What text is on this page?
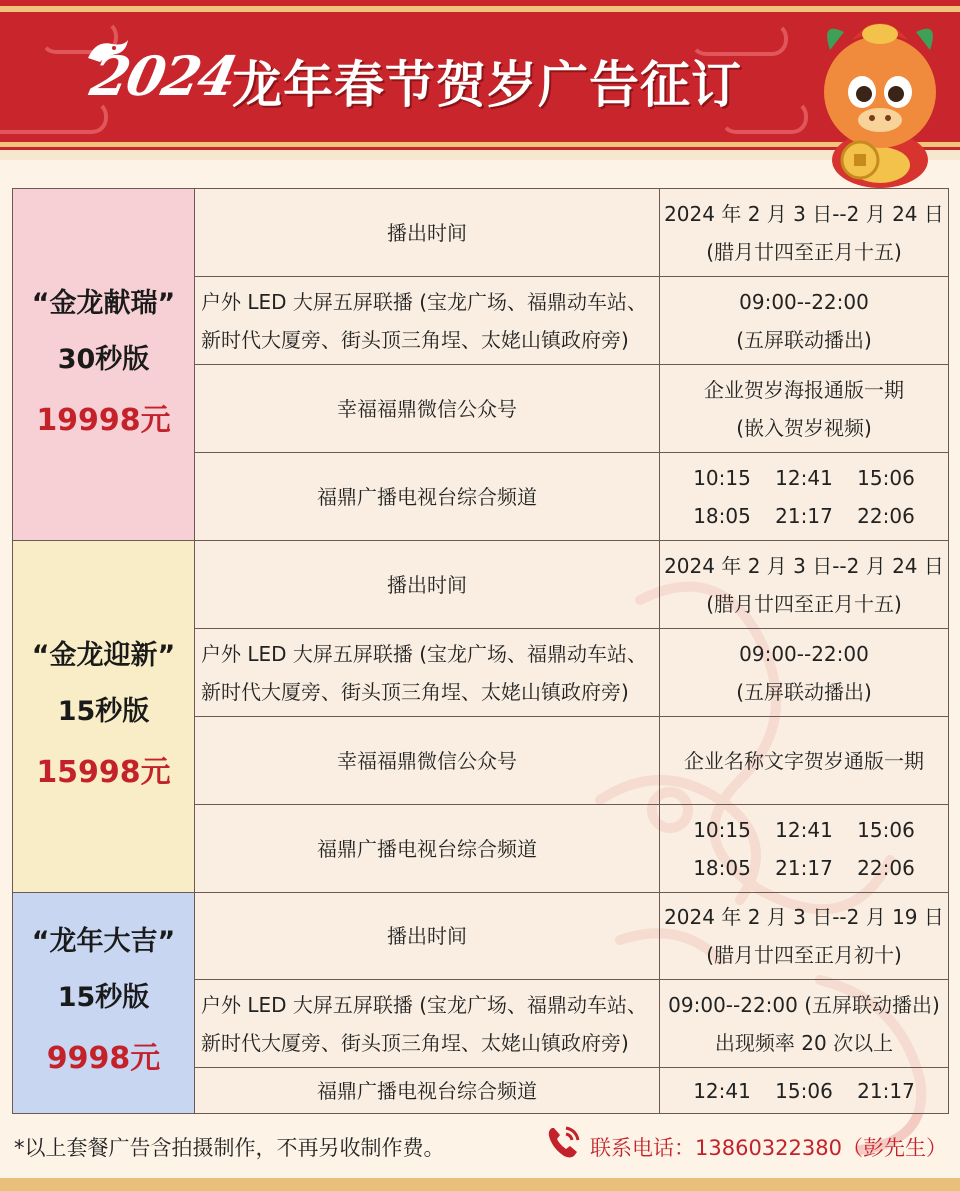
2024
龙年春节贺岁广告征订
“金龙献瑞”
30秒版
19998元	播出时间	2024 年 2 月 3 日--2 月 24 日
(腊月廿四至正月十五)

	户外 LED 大屏五屏联播 (宝龙广场、福鼎动车站、
新时代大厦旁、街头顶三角埕、太姥山镇政府旁)	09:00--22:00
(五屏联动播出)

	幸福福鼎微信公众号	企业贺岁海报通版一期
(嵌入贺岁视频)

	福鼎广播电视台综合频道	10:15 12:41 15:06
18:05 21:17 22:06

“金龙迎新”
15秒版
15998元	播出时间	2024 年 2 月 3 日--2 月 24 日
(腊月廿四至正月十五)

	户外 LED 大屏五屏联播 (宝龙广场、福鼎动车站、
新时代大厦旁、街头顶三角埕、太姥山镇政府旁)	09:00--22:00
(五屏联动播出)

	幸福福鼎微信公众号	企业名称文字贺岁通版一期

	福鼎广播电视台综合频道	10:15 12:41 15:06
18:05 21:17 22:06

“龙年大吉”
15秒版
9998元	播出时间	2024 年 2 月 3 日--2 月 19 日
(腊月廿四至正月初十)

	户外 LED 大屏五屏联播 (宝龙广场、福鼎动车站、
新时代大厦旁、街头顶三角埕、太姥山镇政府旁)	09:00--22:00 (五屏联动播出)
出现频率 20 次以上

	福鼎广播电视台综合频道	12:41 15:06 21:17
*以上套餐广告含拍摄制作，不再另收制作费。	联系电话：13860322380（彭先生）
